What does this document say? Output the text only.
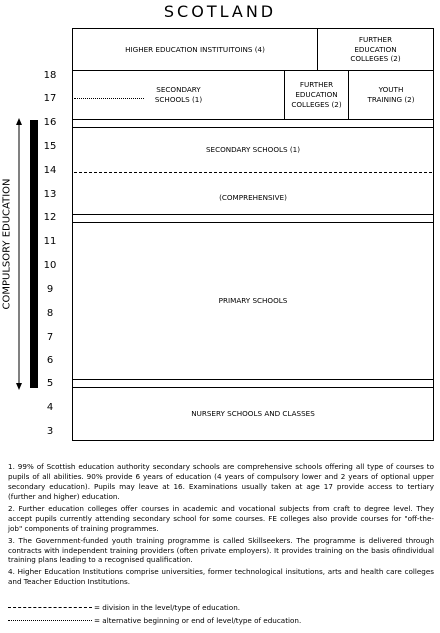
SCOTLAND
COMPULSORY EDUCATION
18
17
16
15
14
13
12
11
10
9
8
7
6
5
4
3
HIGHER EDUCATION INSTITUITOINS (4)
FURTHER EDUCATION COLLEGES (2)
SECONDARY SCHOOLS (1)
FURTHER EDUCATION COLLEGES (2)
YOUTH TRAINING (2)
SECONDARY SCHOOLS (1)
(COMPREHENSIVE)
PRIMARY SCHOOLS
NURSERY SCHOOLS AND CLASSES

1. 99% of Scottish education authority secondary schools are comprehensive schools offering all type of courses to pupils of all abilities. 90% provide 6 years of education (4 years of compulsory lower and 2 years of optional upper secondary education). Pupils may leave at 16. Examinations usually taken at age 17 provide access to tertiary (further and higher) education.

2. Further education colleges offer courses in academic and vocational subjects from craft to degree level. They accept pupils currently attending secondary school for some courses. FE colleges also provide courses for "off-the-job" components of training programmes.

3. The Government-funded youth training programme is called Skillseekers. The programme is delivered through contracts with independent training providers (often private employers). It provides training on the basis ofindividual training plans leading to a recognised qualification.

4. Higher Education Institutions comprise universities, former technological insitutions, arts and health care colleges and Teacher Eduction Institutions.

= division in the level/type of education.
= alternative beginning or end of level/type of education.
